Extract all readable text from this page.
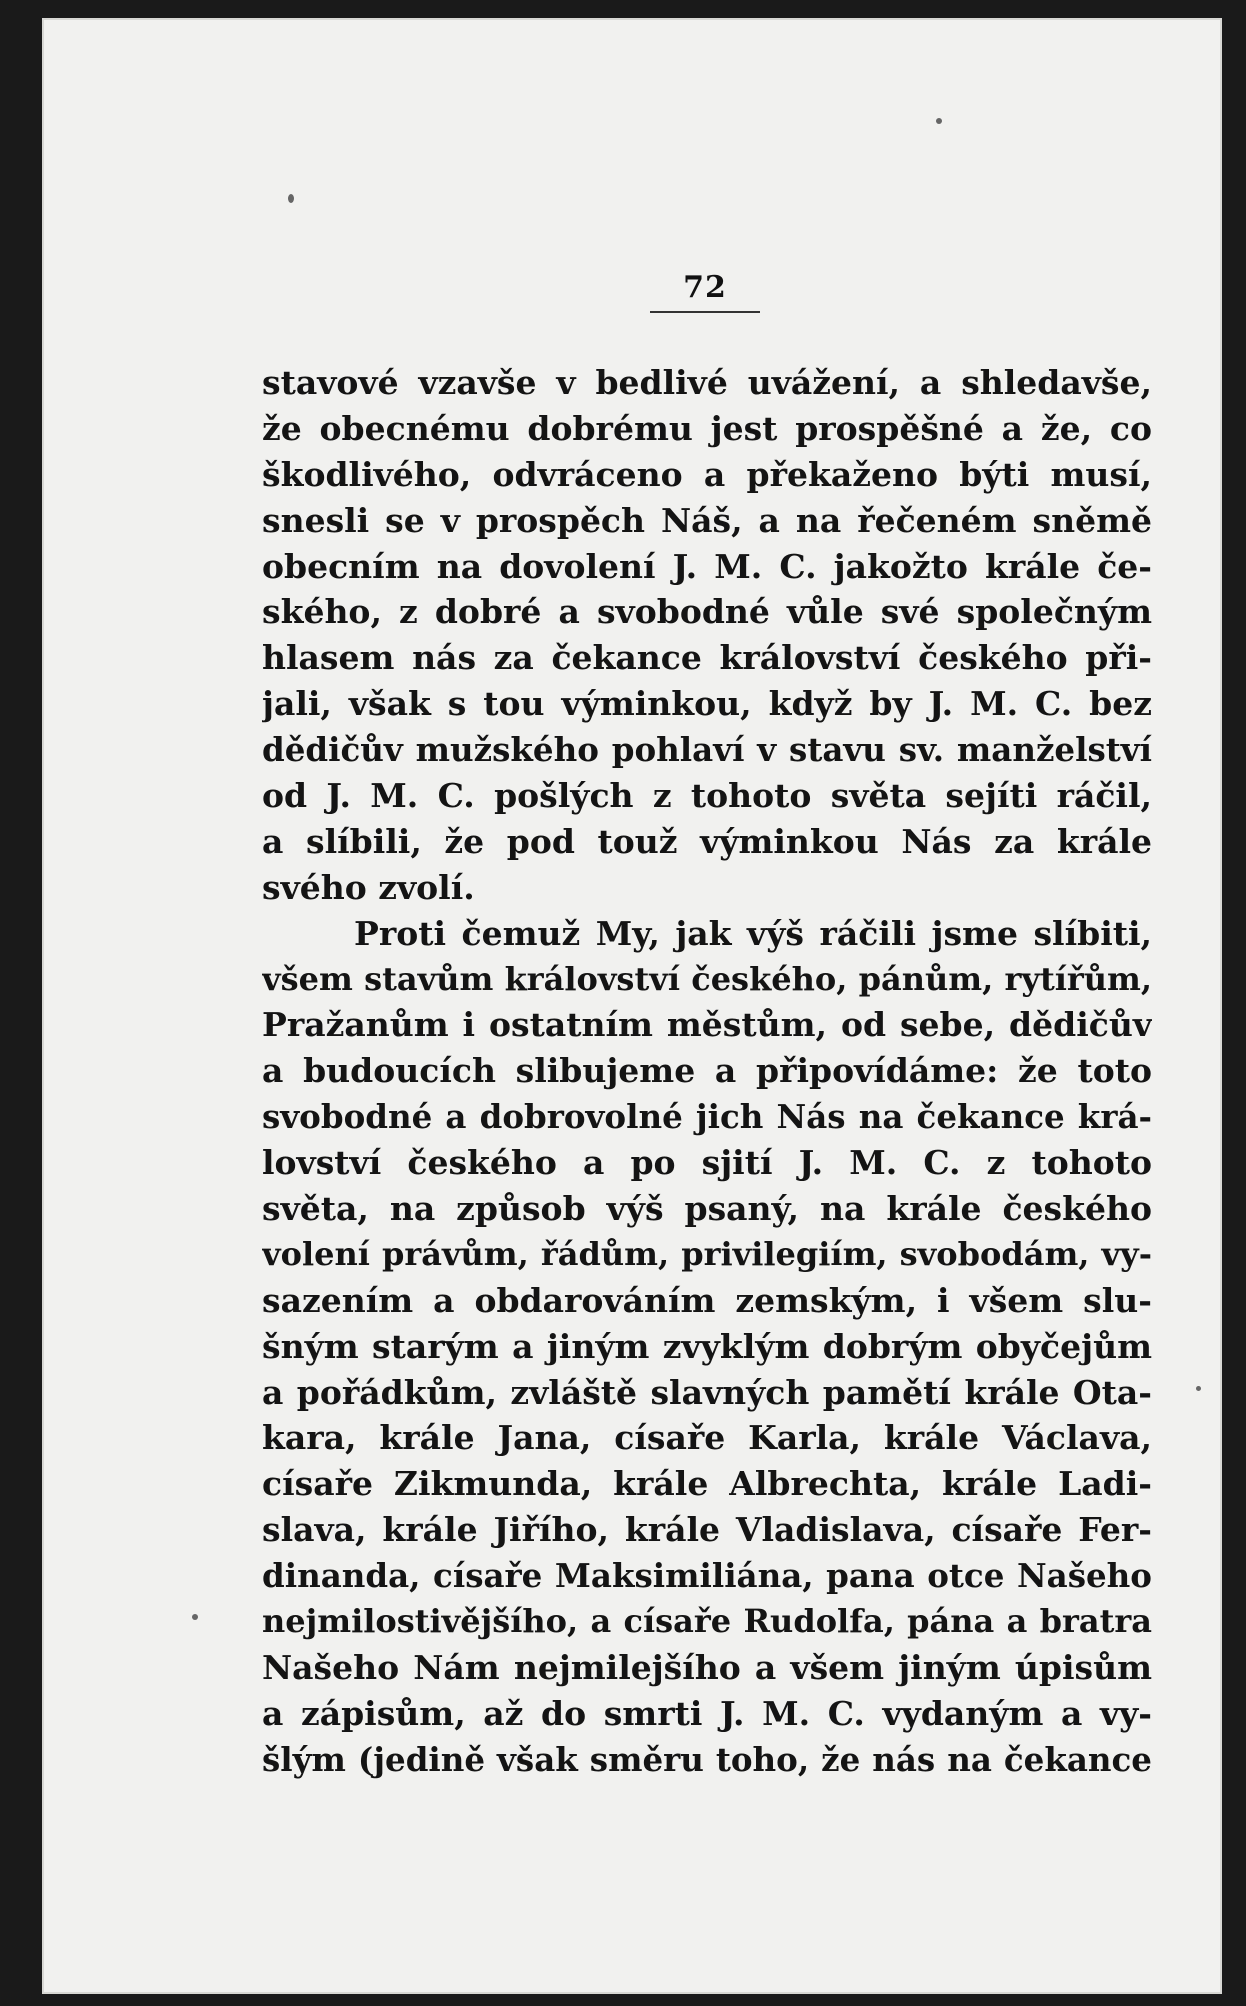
72
stavové vzavše v bedlivé uvážení, a shledavše,
že obecnému dobrému jest prospěšné a že, co
škodlivého, odvráceno a překaženo býti musí,
snesli se v prospěch Náš, a na řečeném sněmě
obecním na dovolení J. M. C. jakožto krále če-
ského, z dobré a svobodné vůle své společným
hlasem nás za čekance království českého při-
jali, však s tou výminkou, když by J. M. C. bez
dědičův mužského pohlaví v stavu sv. manželství
od J. M. C. pošlých z tohoto světa sejíti ráčil,
a slíbili, že pod touž výminkou Nás za krále
svého zvolí.
Proti čemuž My, jak výš ráčili jsme slíbiti,
všem stavům království českého, pánům, rytířům,
Pražanům i ostatním městům, od sebe, dědičův
a budoucích slibujeme a připovídáme: že toto
svobodné a dobrovolné jich Nás na čekance krá-
lovství českého a po sjití J. M. C. z tohoto
světa, na způsob výš psaný, na krále českého
volení právům, řádům, privilegiím, svobodám, vy-
sazením a obdarováním zemským, i všem slu-
šným starým a jiným zvyklým dobrým obyčejům
a pořádkům, zvláště slavných pamětí krále Ota-
kara, krále Jana, císaře Karla, krále Václava,
císaře Zikmunda, krále Albrechta, krále Ladi-
slava, krále Jiřího, krále Vladislava, císaře Fer-
dinanda, císaře Maksimiliána, pana otce Našeho
nejmilostivějšího, a císaře Rudolfa, pána a bratra
Našeho Nám nejmilejšího a všem jiným úpisům
a zápisům, až do smrti J. M. C. vydaným a vy-
šlým (jedině však směru toho, že nás na čekance
